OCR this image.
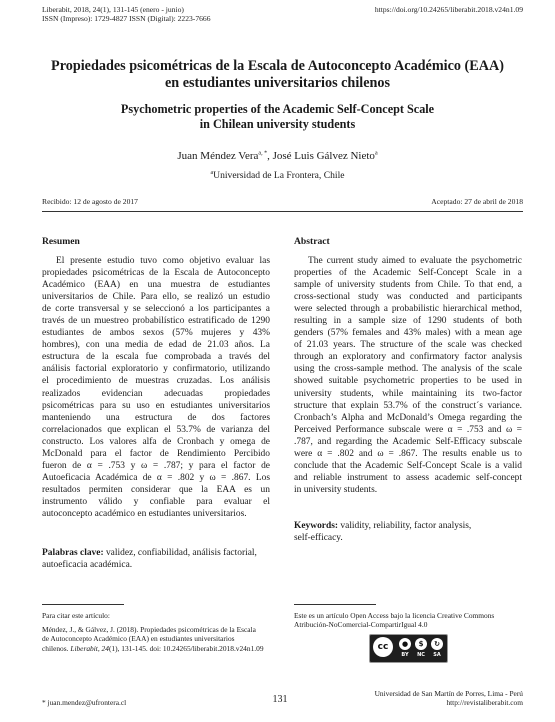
Liberabit, 2018, 24(1), 131-145 (enero - junio)
ISSN (Impreso): 1729-4827 ISSN (Digital): 2223-7666
https://doi.org/10.24265/liberabit.2018.v24n1.09
Propiedades psicométricas de la Escala de Autoconcepto Académico (EAA)
en estudiantes universitarios chilenos
Psychometric properties of the Academic Self-Concept Scale
in Chilean university students
Juan Méndez Vera$^{a, *}$, José Luis Gálvez Nieto$^a$
$^a$Universidad de La Frontera, Chile
Recibido: 12 de agosto de 2017	Aceptado: 27 de abril de 2018
Resumen
El presente estudio tuvo como objetivo evaluar las
propiedades psicométricas de la Escala de Autoconcepto
Académico (EAA) en una muestra de estudiantes
universitarios de Chile. Para ello, se realizó un estudio
de corte transversal y se seleccionó a los participantes a
través de un muestreo probabilístico estratificado de 1290
estudiantes de ambos sexos (57% mujeres y 43%
hombres), con una media de edad de 21.03 años. La
estructura de la escala fue comprobada a través del
análisis factorial exploratorio y confirmatorio, utilizando
el procedimiento de muestras cruzadas. Los análisis
realizados evidencian adecuadas propiedades
psicométricas para su uso en estudiantes universitarios
manteniendo una estructura de dos factores
correlacionados que explican el 53.7% de varianza del
constructo. Los valores alfa de Cronbach y omega de
McDonald para el factor de Rendimiento Percibido
fueron de α = .753 y ω = .787; y para el factor de
Autoeficacia Académica de α = .802 y ω = .867. Los
resultados permiten considerar que la EAA es un
instrumento válido y confiable para evaluar el
autoconcepto académico en estudiantes universitarios.

Palabras clave: validez, confiabilidad, análisis factorial,

autoeficacia académica.

Abstract
The current study aimed to evaluate the psychometric
properties of the Academic Self-Concept Scale in a
sample of university students from Chile. To that end, a
cross-sectional study was conducted and participants
were selected through a probabilistic hierarchical method,
resulting in a sample size of 1290 students of both
genders (57% females and 43% males) with a mean age
of 21.03 years. The structure of the scale was checked
through an exploratory and confirmatory factor analysis
using the cross-sample method. The analysis of the scale
showed suitable psychometric properties to be used in
university students, while maintaining its two-factor
structure that explain 53.7% of the construct´s variance.
Cronbach’s Alpha and McDonald’s Omega regarding the
Perceived Performance subscale were α = .753 and ω =
.787, and regarding the Academic Self-Efficacy subscale
were α = .802 and ω = .867. The results enable us to
conclude that the Academic Self-Concept Scale is a valid
and reliable instrument to assess academic self-concept
in university students.

Keywords: validity, reliability, factor analysis,

self-efficacy.

Para citar este artículo:
Méndez, J., & Gálvez, J. (2018). Propiedades psicométricas de la Escala
de Autoconcepto Académico (EAA) en estudiantes universitarios
chilenos. Liberabit, 24(1), 131-145. doi: 10.24265/liberabit.2018.v24n1.09
Este es un artículo Open Access bajo la licencia Creative Commons
Atribución-NoComercial-CompartirIgual 4.0
cc	●	$	↻
BY	NC	SA
* juan.mendez@ufrontera.cl	131
Universidad de San Martín de Porres, Lima - Perú
http://revistaliberabit.com
